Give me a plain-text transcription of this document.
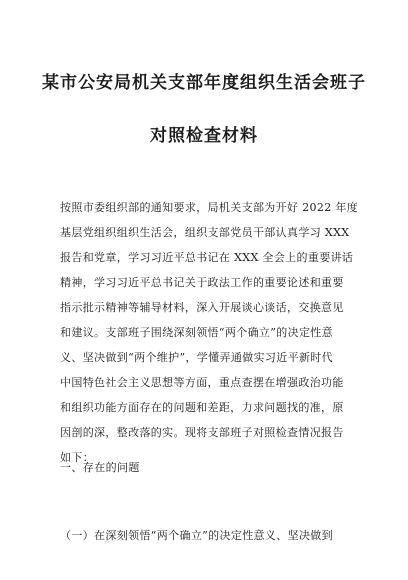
某市公安局机关支部年度组织生活会班子
对照检查材料
按照市委组织部的通知要求，局机关支部为开好 2022 年度
基层党组织组织生活会，组织支部党员干部认真学习 XXX
报告和党章，学习习近平总书记在 XXX 全会上的重要讲话
精神，学习习近平总书记关于政法工作的重要论述和重要
指示批示精神等辅导材料，深入开展谈心谈话，交换意见
和建议。支部班子围绕深刻领悟“两个确立”的决定性意
义、坚决做到“两个维护”，学懂弄通做实习近平新时代
中国特色社会主义思想等方面，重点查摆在增强政治功能
和组织功能方面存在的问题和差距，力求问题找的准，原
因剖的深，整改落的实。现将支部班子对照检查情况报告
如下：
一、存在的问题
（一）在深刻领悟“两个确立”的决定性意义、坚决做到
